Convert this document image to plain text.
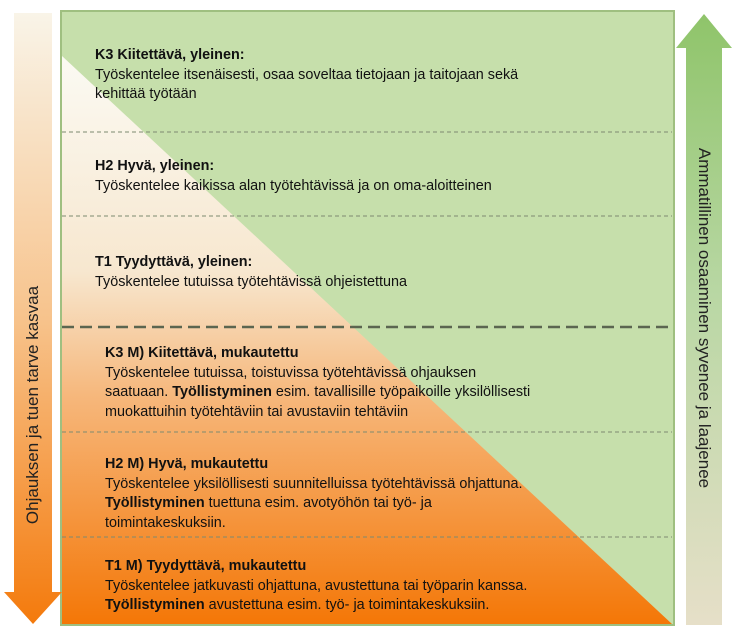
Ohjauksen ja tuen tarve kasvaa	Ammatillinen osaaminen syvenee ja laajenee
K3 Kiitettävä, yleinen:
Työskentelee itsenäisesti, osaa soveltaa tietojaan ja taitojaan sekä
kehittää työtään
H2 Hyvä, yleinen:
Työskentelee kaikissa alan työtehtävissä ja on oma-aloitteinen
T1 Tyydyttävä, yleinen:
Työskentelee tutuissa työtehtävissä ohjeistettuna
K3 M) Kiitettävä, mukautettu
Työskentelee tutuissa, toistuvissa työtehtävissä ohjauksen
saatuaan. Työllistyminen esim. tavallisille työpaikoille yksilöllisesti
muokattuihin työtehtäviin tai avustaviin tehtäviin
H2 M) Hyvä, mukautettu
Työskentelee yksilöllisesti suunnitelluissa työtehtävissä ohjattuna.
Työllistyminen tuettuna esim. avotyöhön tai työ- ja
toimintakeskuksiin.
T1 M) Tyydyttävä, mukautettu
Työskentelee jatkuvasti ohjattuna, avustettuna tai työparin kanssa.
Työllistyminen avustettuna esim. työ- ja toimintakeskuksiin.
